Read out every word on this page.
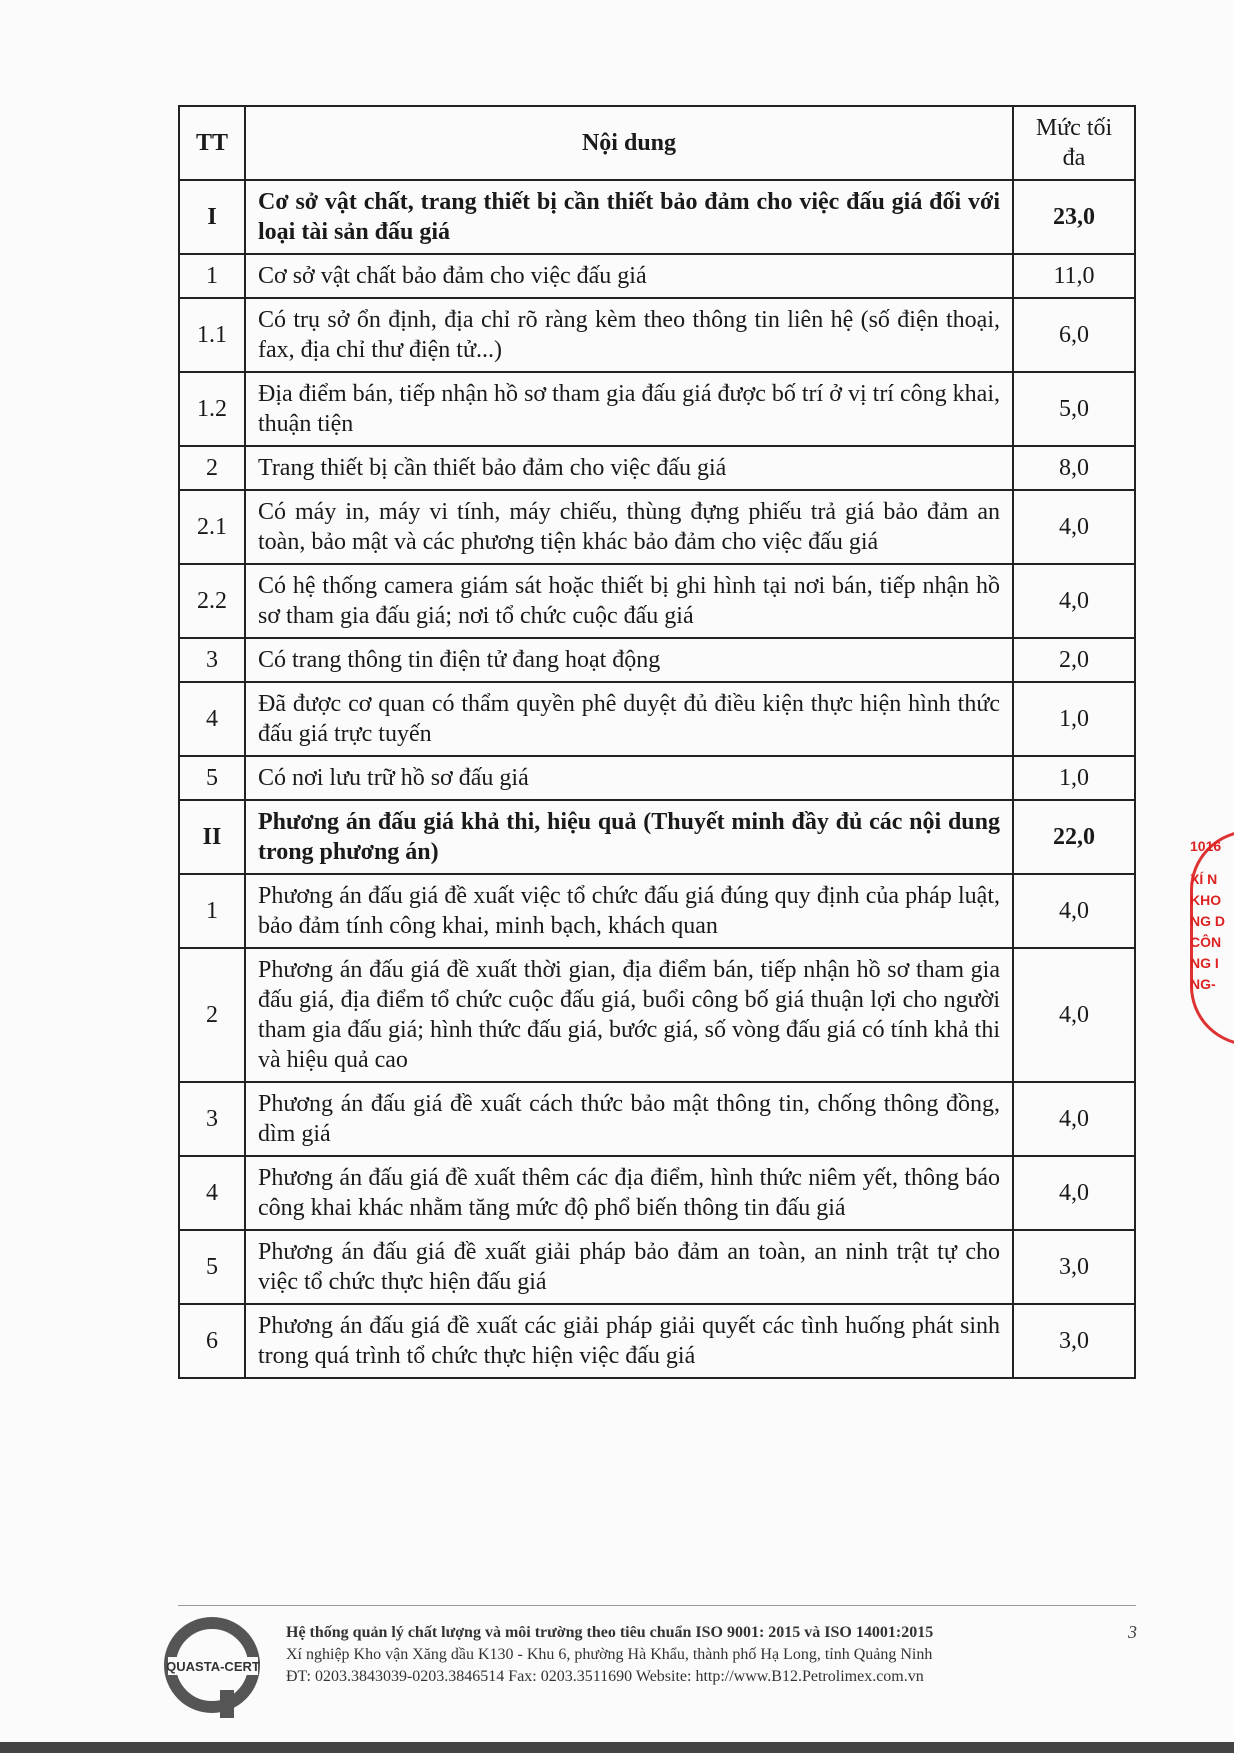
TT	Nội dung	Mức tối đa
I	Cơ sở vật chất, trang thiết bị cần thiết bảo đảm cho việc đấu giá đối với loại tài sản đấu giá	23,0
1	Cơ sở vật chất bảo đảm cho việc đấu giá	11,0
1.1	Có trụ sở ổn định, địa chỉ rõ ràng kèm theo thông tin liên hệ (số điện thoại, fax, địa chỉ thư điện tử...)	6,0
1.2	Địa điểm bán, tiếp nhận hồ sơ tham gia đấu giá được bố trí ở vị trí công khai, thuận tiện	5,0
2	Trang thiết bị cần thiết bảo đảm cho việc đấu giá	8,0
2.1	Có máy in, máy vi tính, máy chiếu, thùng đựng phiếu trả giá bảo đảm an toàn, bảo mật và các phương tiện khác bảo đảm cho việc đấu giá	4,0
2.2	Có hệ thống camera giám sát hoặc thiết bị ghi hình tại nơi bán, tiếp nhận hồ sơ tham gia đấu giá; nơi tổ chức cuộc đấu giá	4,0
3	Có trang thông tin điện tử đang hoạt động	2,0
4	Đã được cơ quan có thẩm quyền phê duyệt đủ điều kiện thực hiện hình thức đấu giá trực tuyến	1,0
5	Có nơi lưu trữ hồ sơ đấu giá	1,0
II	Phương án đấu giá khả thi, hiệu quả (Thuyết minh đầy đủ các nội dung trong phương án)	22,0
1	Phương án đấu giá đề xuất việc tổ chức đấu giá đúng quy định của pháp luật, bảo đảm tính công khai, minh bạch, khách quan	4,0
2	Phương án đấu giá đề xuất thời gian, địa điểm bán, tiếp nhận hồ sơ tham gia đấu giá, địa điểm tổ chức cuộc đấu giá, buổi công bố giá thuận lợi cho người tham gia đấu giá; hình thức đấu giá, bước giá, số vòng đấu giá có tính khả thi và hiệu quả cao	4,0
3	Phương án đấu giá đề xuất cách thức bảo mật thông tin, chống thông đồng, dìm giá	4,0
4	Phương án đấu giá đề xuất thêm các địa điểm, hình thức niêm yết, thông báo công khai khác nhằm tăng mức độ phổ biến thông tin đấu giá	4,0
5	Phương án đấu giá đề xuất giải pháp bảo đảm an toàn, an ninh trật tự cho việc tổ chức thực hiện đấu giá	3,0
6	Phương án đấu giá đề xuất các giải pháp giải quyết các tình huống phát sinh trong quá trình tổ chức thực hiện việc đấu giá	3,0
1016
XÍ N
KHO
NG D
CÔN
NG I
NG-
QUASTA-CERT
Hệ thống quản lý chất lượng và môi trường theo tiêu chuẩn ISO 9001: 2015 và ISO 14001:2015
Xí nghiệp Kho vận Xăng dầu K130 - Khu 6, phường Hà Khẩu, thành phố Hạ Long, tỉnh Quảng Ninh
ĐT: 0203.3843039-0203.3846514 Fax: 0203.3511690 Website: http://www.B12.Petrolimex.com.vn
3
